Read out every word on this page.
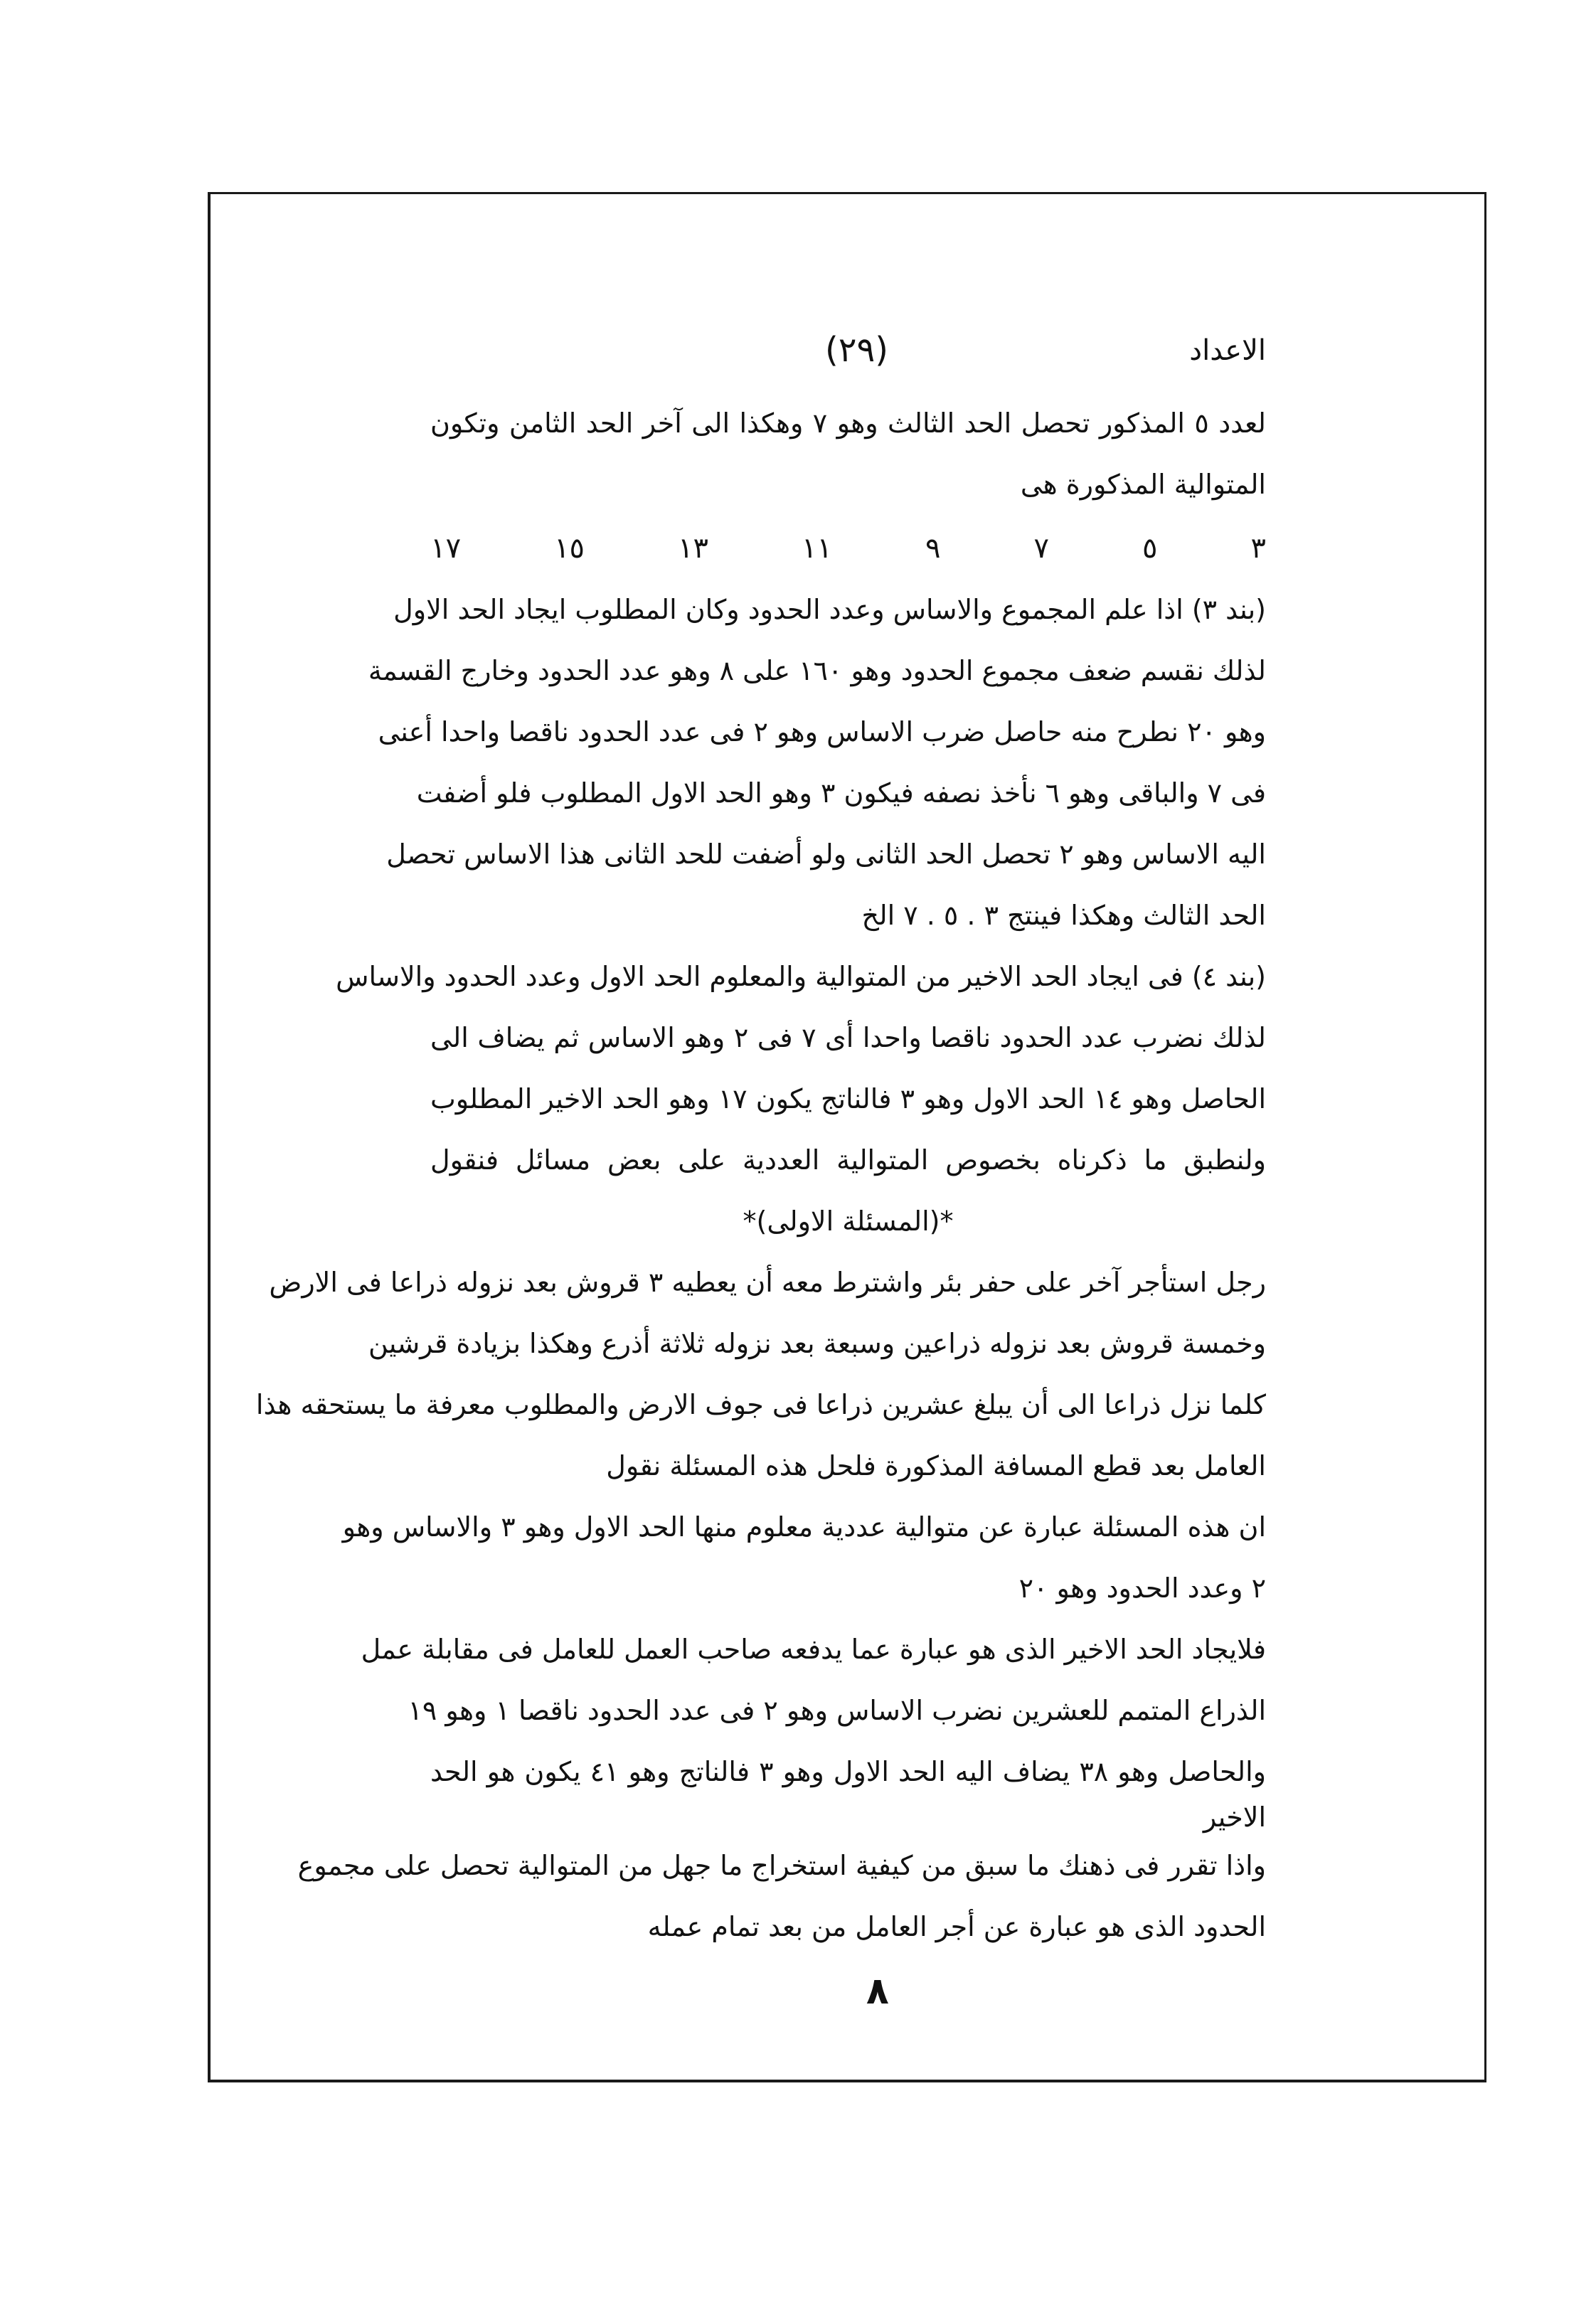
الاعداد
(٢٩)
لعدد ٥ المذكور تحصل الحد الثالث وهو ٧ وهكذا الى آخر الحد الثامن وتكون
المتوالية المذكورة هى
٣
٥
٧
٩
١١
١٣
١٥
١٧
(بند ٣) اذا علم المجموع والاساس وعدد الحدود وكان المطلوب ايجاد الحد الاول
لذلك نقسم ضعف مجموع الحدود وهو ١٦٠ على ٨ وهو عدد الحدود وخارج القسمة
وهو ٢٠ نطرح منه حاصل ضرب الاساس وهو ٢ فى عدد الحدود ناقصا واحدا أعنى
فى ٧ والباقى وهو ٦ نأخذ نصفه فيكون ٣ وهو الحد الاول المطلوب فلو أضفت
اليه الاساس وهو ٢ تحصل الحد الثانى ولو أضفت للحد الثانى هذا الاساس تحصل
الحد الثالث وهكذا فينتج ٣ . ٥ . ٧ الخ
(بند ٤) فى ايجاد الحد الاخير من المتوالية والمعلوم الحد الاول وعدد الحدود والاساس
لذلك نضرب عدد الحدود ناقصا واحدا أى ٧ فى ٢ وهو الاساس ثم يضاف الى
الحاصل وهو ١٤ الحد الاول وهو ٣ فالناتج يكون ١٧ وهو الحد الاخير المطلوب
ولنطبق ما ذكرناه بخصوص المتوالية العددية على بعض مسائل فنقول
*(المسئلة الاولى)*
رجل استأجر آخر على حفر بئر واشترط معه أن يعطيه ٣ قروش بعد نزوله ذراعا فى الارض
وخمسة قروش بعد نزوله ذراعين وسبعة بعد نزوله ثلاثة أذرع وهكذا بزيادة قرشين
كلما نزل ذراعا الى أن يبلغ عشرين ذراعا فى جوف الارض والمطلوب معرفة ما يستحقه هذا
العامل بعد قطع المسافة المذكورة فلحل هذه المسئلة نقول
ان هذه المسئلة عبارة عن متوالية عددية معلوم منها الحد الاول وهو ٣ والاساس وهو
٢ وعدد الحدود وهو ٢٠
فلايجاد الحد الاخير الذى هو عبارة عما يدفعه صاحب العمل للعامل فى مقابلة عمل
الذراع المتمم للعشرين نضرب الاساس وهو ٢ فى عدد الحدود ناقصا ١ وهو ١٩
والحاصل وهو ٣٨ يضاف اليه الحد الاول وهو ٣ فالناتج وهو ٤١ يكون هو الحد
الاخير
واذا تقرر فى ذهنك ما سبق من كيفية استخراج ما جهل من المتوالية تحصل على مجموع
الحدود الذى هو عبارة عن أجر العامل من بعد تمام عمله
٨
